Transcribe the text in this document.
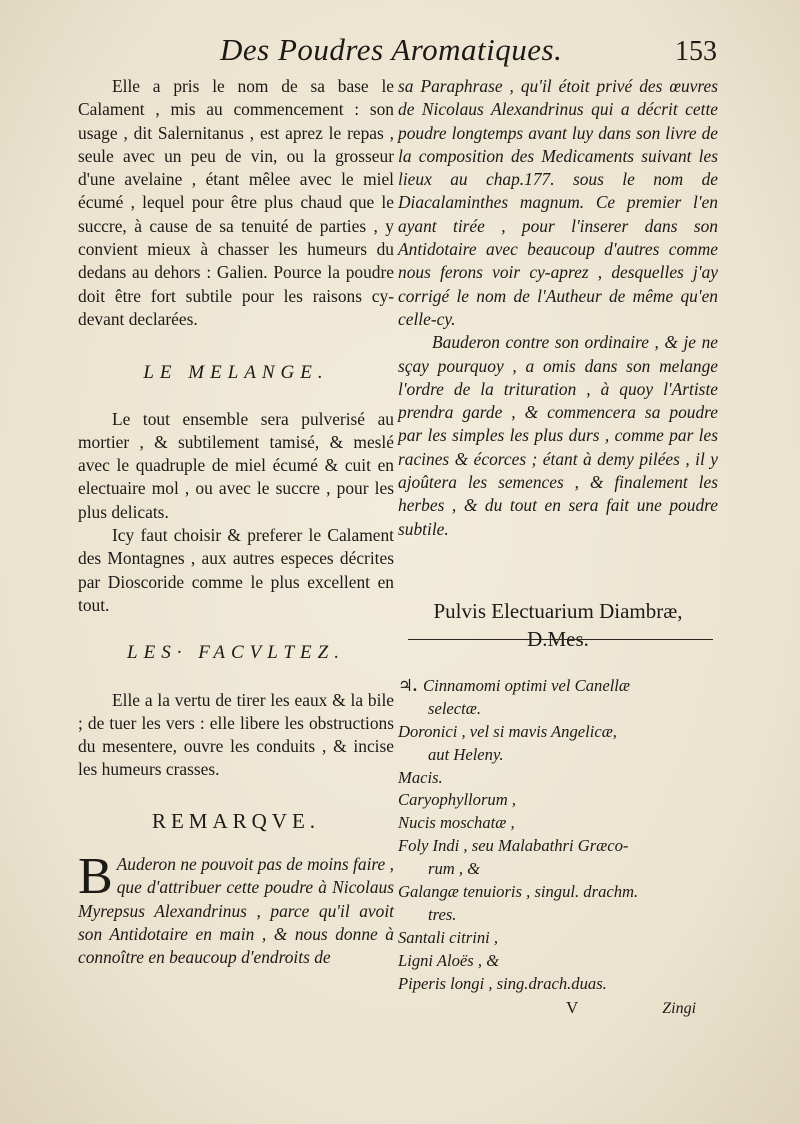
Des Poudres Aromatiques.	153

Elle a pris le nom de sa base le Calament , mis au commencement : son usage , dit Salernitanus , est aprez le repas , seule avec un peu de vin, ou la grosseur d'une avelaine , étant mêlee avec le miel écumé , lequel pour être plus chaud que le succre, à cause de sa tenuité de parties , y convient mieux à chasser les humeurs du dedans au dehors : Galien. Pource la poudre doit être fort subtile pour les raisons cy-devant declarées.

LE MELANGE.

Le tout ensemble sera pulverisé au mortier , & subtilement tamisé, & meslé avec le quadruple de miel écumé & cuit en electuaire mol , ou avec le succre , pour les plus delicats.

Icy faut choisir & preferer le Calament des Montagnes , aux autres especes décrites par Dioscoride comme le plus excellent en tout.

LES· FACVLTEZ.

Elle a la vertu de tirer les eaux & la bile ; de tuer les vers : elle libere les obstructions du mesentere, ouvre les conduits , & incise les humeurs crasses.

REMARQVE.

B Auderon ne pouvoit pas de moins faire , que d'attribuer cette poudre à Nicolaus Myrepsus Alexandrinus , parce qu'il avoit son Antidotaire en main , & nous donne à connoître en beaucoup d'endroits de

sa Paraphrase , qu'il étoit privé des œuvres de Nicolaus Alexandrinus qui a décrit cette poudre longtemps avant luy dans son livre de la composition des Medicaments suivant les lieux au chap.177. sous le nom de Diacalaminthes magnum. Ce premier l'en ayant tirée , pour l'inserer dans son Antidotaire avec beaucoup d'autres comme nous ferons voir cy-aprez , desquelles j'ay corrigé le nom de l'Autheur de même qu'en celle-cy.

Bauderon contre son ordinaire , & je ne sçay pourquoy , a omis dans son melange l'ordre de la trituration , à quoy l'Artiste prendra garde , & commencera sa poudre par les simples les plus durs , comme par les racines & écorces ; étant à demy pilées , il y ajoûtera les semences , & finalement les herbes , & du tout en sera fait une poudre subtile.

Pulvis Electuarium Diambræ,

D.Mes.

♃. Cinnamomi optimi vel Canellæ

selectæ.

Doronici , vel si mavis Angelicæ,

aut Heleny.

Macis.

Caryophyllorum ,

Nucis moschatæ ,

Foly Indi , seu Malabathri Græco-

rum , &

Galangæ tenuioris , singul. drachm.

tres.

Santali citrini ,

Ligni Aloës , &

Piperis longi , sing.drach.duas.

V	Zingi
